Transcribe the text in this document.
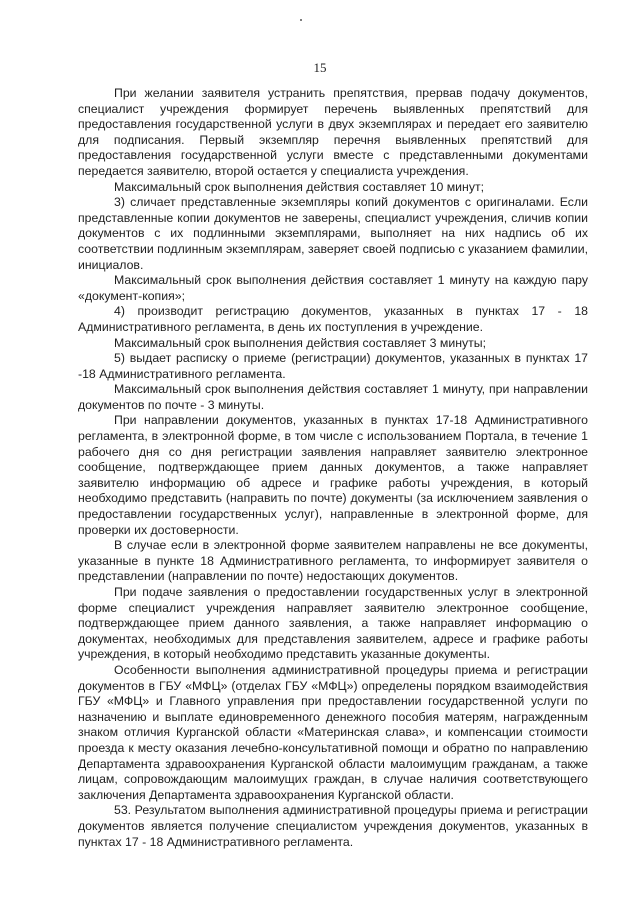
15

При желании заявителя устранить препятствия, прервав подачу документов, специалист учреждения формирует перечень выявленных препятствий для предоставления государственной услуги в двух экземплярах и передает его заявителю для подписания. Первый экземпляр перечня выявленных препятствий для предоставления государственной услуги вместе с представленными документами передается заявителю, второй остается у специалиста учреждения.

Максимальный срок выполнения действия составляет 10 минут;

3) сличает представленные экземпляры копий документов с оригиналами. Если представленные копии документов не заверены, специалист учреждения, сличив копии документов с их подлинными экземплярами, выполняет на них надпись об их соответствии подлинным экземплярам, заверяет своей подписью с указанием фамилии, инициалов.

Максимальный срок выполнения действия составляет 1 минуту на каждую пару «документ-копия»;

4) производит регистрацию документов, указанных в пунктах 17 - 18 Административного регламента, в день их поступления в учреждение.

Максимальный срок выполнения действия составляет 3 минуты;

5) выдает расписку о приеме (регистрации) документов, указанных в пунктах 17 -18 Административного регламента.

Максимальный срок выполнения действия составляет 1 минуту, при направлении документов по почте - 3 минуты.

При направлении документов, указанных в пунктах 17-18 Административного регламента, в электронной форме, в том числе с использованием Портала, в течение 1 рабочего дня со дня регистрации заявления направляет заявителю электронное сообщение, подтверждающее прием данных документов, а также направляет заявителю информацию об адресе и графике работы учреждения, в который необходимо представить (направить по почте) документы (за исключением заявления о предоставлении государственных услуг), направленные в электронной форме, для проверки их достоверности.

В случае если в электронной форме заявителем направлены не все документы, указанные в пункте 18 Административного регламента, то информирует заявителя о представлении (направлении по почте) недостающих документов.

При подаче заявления о предоставлении государственных услуг в электронной форме специалист учреждения направляет заявителю электронное сообщение, подтверждающее прием данного заявления, а также направляет информацию о документах, необходимых для представления заявителем, адресе и графике работы учреждения, в который необходимо представить указанные документы.

Особенности выполнения административной процедуры приема и регистрации документов в ГБУ «МФЦ» (отделах ГБУ «МФЦ») определены порядком взаимодействия ГБУ «МФЦ» и Главного управления при предоставлении государственной услуги по назначению и выплате единовременного денежного пособия матерям, награжденным знаком отличия Курганской области «Материнская слава», и компенсации стоимости проезда к месту оказания лечебно-консультативной помощи и обратно по направлению Департамента здравоохранения Курганской области малоимущим гражданам, а также лицам, сопровождающим малоимущих граждан, в случае наличия соответствующего заключения Департамента здравоохранения Курганской области.

53. Результатом выполнения административной процедуры приема и регистрации документов является получение специалистом учреждения документов, указанных в пунктах 17 - 18 Административного регламента.
